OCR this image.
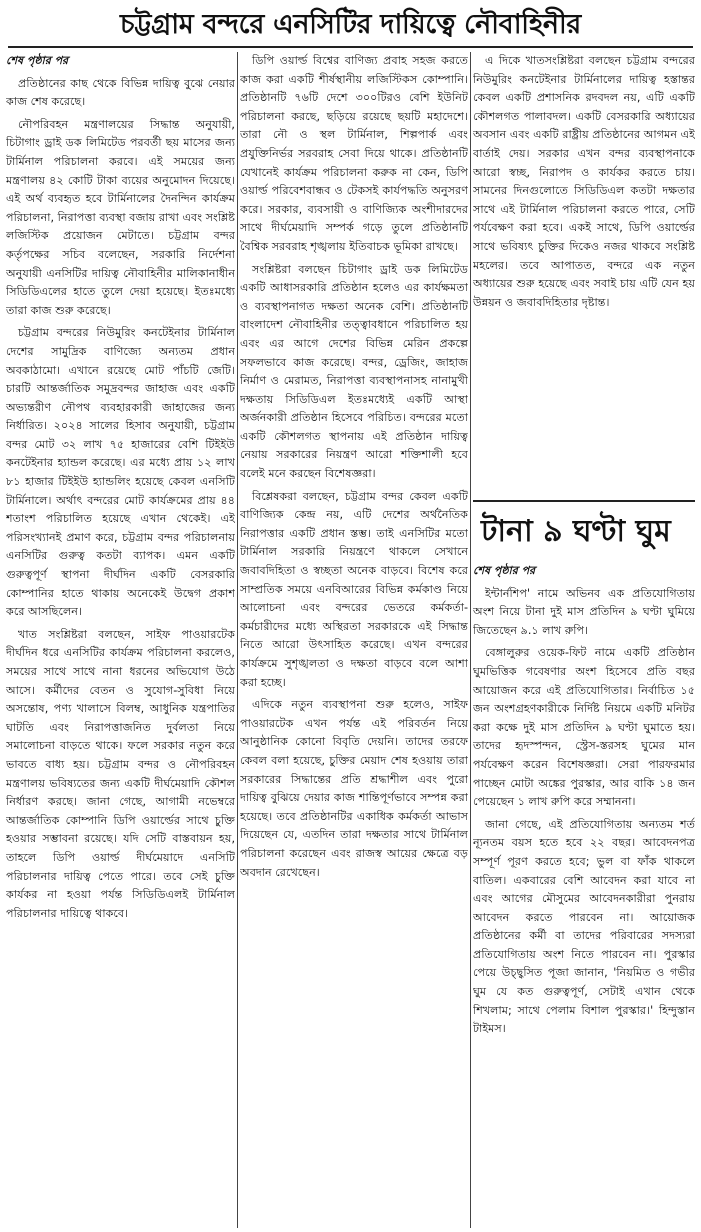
চট্টগ্রাম বন্দরে এনসিটির দায়িত্বে নৌবাহিনীর

শেষ পৃষ্ঠার পর

প্রতিষ্ঠানের কাছ থেকে বিভিন্ন দায়িত্ব বুঝে নেয়ার কাজ শেষ করেছে।

নৌপরিবহন মন্ত্রণালয়ের সিদ্ধান্ত অনুযায়ী, চিটাগাং ড্রাই ডক লিমিটেড পরবর্তী ছয় মাসের জন্য টার্মিনাল পরিচালনা করবে। এই সময়ের জন্য মন্ত্রণালয় ৪২ কোটি টাকা ব্যয়ের অনুমোদন দিয়েছে। এই অর্থ ব্যবহৃত হবে টার্মিনালের দৈনন্দিন কার্যক্রম পরিচালনা, নিরাপত্তা ব্যবস্থা বজায় রাখা এবং সংশ্লিষ্ট লজিস্টিক প্রয়োজন মেটাতে। চট্টগ্রাম বন্দর কর্তৃপক্ষের সচিব বলেছেন, সরকারি নির্দেশনা অনুযায়ী এনসিটির দায়িত্ব নৌবাহিনীর মালিকানাধীন সিডিডিএলের হাতে তুলে দেয়া হয়েছে। ইতঃমধ্যে তারা কাজ শুরু করেছে।

চট্টগ্রাম বন্দরের নিউমুরিং কনটেইনার টার্মিনাল দেশের সামুদ্রিক বাণিজ্যে অন্যতম প্রধান অবকাঠামো। এখানে রয়েছে মোট পাঁচটি জেটি। চারটি আন্তর্জাতিক সমুদ্রবন্দর জাহাজ এবং একটি অভ্যন্তরীণ নৌপথ ব্যবহারকারী জাহাজের জন্য নির্ধারিত। ২০২৪ সালের হিসাব অনুযায়ী, চট্টগ্রাম বন্দর মোট ৩২ লাখ ৭৫ হাজারের বেশি টিইইউ কনটেইনার হ্যান্ডল করেছে। এর মধ্যে প্রায় ১২ লাখ ৮১ হাজার টিইইউ হ্যান্ডলিং হয়েছে কেবল এনসিটি টার্মিনালে। অর্থাৎ বন্দরের মোট কার্যক্রমের প্রায় ৪৪ শতাংশ পরিচালিত হয়েছে এখান থেকেই। এই পরিসংখ্যানই প্রমাণ করে, চট্টগ্রাম বন্দর পরিচালনায় এনসিটির গুরুত্ব কতটা ব্যাপক। এমন একটি গুরুত্বপূর্ণ স্থাপনা দীর্ঘদিন একটি বেসরকারি কোম্পানির হাতে থাকায় অনেকেই উদ্বেগ প্রকাশ করে আসছিলেন।

খাত সংশ্লিষ্টরা বলছেন, সাইফ পাওয়ারটেক দীর্ঘদিন ধরে এনসিটির কার্যক্রম পরিচালনা করলেও, সময়ের সাথে সাথে নানা ধরনের অভিযোগ উঠে আসে। কর্মীদের বেতন ও সুযোগ-সুবিধা নিয়ে অসন্তোষ, পণ্য খালাসে বিলম্ব, আধুনিক যন্ত্রপাতির ঘাটতি এবং নিরাপত্তাজনিত দুর্বলতা নিয়ে সমালোচনা বাড়তে থাকে। ফলে সরকার নতুন করে ভাবতে বাধ্য হয়। চট্টগ্রাম বন্দর ও নৌপরিবহন মন্ত্রণালয় ভবিষ্যতের জন্য একটি দীর্ঘমেয়াদি কৌশল নির্ধারণ করছে। জানা গেছে, আগামী নভেম্বরে আন্তর্জাতিক কোম্পানি ডিপি ওয়ার্ল্ডের সাথে চুক্তি হওয়ার সম্ভাবনা রয়েছে। যদি সেটি বাস্তবায়ন হয়, তাহলে ডিপি ওয়ার্ল্ড দীর্ঘমেয়াদে এনসিটি পরিচালনার দায়িত্ব পেতে পারে। তবে সেই চুক্তি কার্যকর না হওয়া পর্যন্ত সিডিডিএলই টার্মিনাল পরিচালনার দায়িত্বে থাকবে।

ডিপি ওয়ার্ল্ড বিশ্বের বাণিজ্য প্রবাহ সহজ করতে কাজ করা একটি শীর্ষস্থানীয় লজিস্টিকস কোম্পানি। প্রতিষ্ঠানটি ৭৬টি দেশে ৩০০টিরও বেশি ইউনিট পরিচালনা করছে, ছড়িয়ে রয়েছে ছয়টি মহাদেশে। তারা নৌ ও স্থল টার্মিনাল, শিল্পপার্ক এবং প্রযুক্তিনির্ভর সরবরাহ সেবা দিয়ে থাকে। প্রতিষ্ঠানটি যেখানেই কার্যক্রম পরিচালনা করুক না কেন, ডিপি ওয়ার্ল্ড পরিবেশবান্ধব ও টেকসই কার্যপদ্ধতি অনুসরণ করে। সরকার, ব্যবসায়ী ও বাণিজ্যিক অংশীদারদের সাথে দীর্ঘমেয়াদি সম্পর্ক গড়ে তুলে প্রতিষ্ঠানটি বৈশ্বিক সরবরাহ শৃঙ্খলায় ইতিবাচক ভূমিকা রাখছে।

সংশ্লিষ্টরা বলছেন চিটাগাং ড্রাই ডক লিমিটেড একটি আধাসরকারি প্রতিষ্ঠান হলেও এর কার্যক্ষমতা ও ব্যবস্থাপনাগত দক্ষতা অনেক বেশি। প্রতিষ্ঠানটি বাংলাদেশ নৌবাহিনীর তত্ত্বাবধানে পরিচালিত হয় এবং এর আগে দেশের বিভিন্ন মেরিন প্রকল্পে সফলভাবে কাজ করেছে। বন্দর, ড্রেজিং, জাহাজ নির্মাণ ও মেরামত, নিরাপত্তা ব্যবস্থাপনাসহ নানামুখী দক্ষতায় সিডিডিএল ইতঃমধ্যেই একটি আস্থা অর্জনকারী প্রতিষ্ঠান হিসেবে পরিচিত। বন্দরের মতো একটি কৌশলগত স্থাপনায় এই প্রতিষ্ঠান দায়িত্ব নেয়ায় সরকারের নিয়ন্ত্রণ আরো শক্তিশালী হবে বলেই মনে করছেন বিশেষজ্ঞরা।

বিশ্লেষকরা বলছেন, চট্টগ্রাম বন্দর কেবল একটি বাণিজ্যিক কেন্দ্র নয়, এটি দেশের অর্থনৈতিক নিরাপত্তার একটি প্রধান স্তম্ভ। তাই এনসিটির মতো টার্মিনাল সরকারি নিয়ন্ত্রণে থাকলে সেখানে জবাবদিহিতা ও স্বচ্ছতা অনেক বাড়বে। বিশেষ করে সাম্প্রতিক সময়ে এনবিআরের বিভিন্ন কর্মকাণ্ড নিয়ে আলোচনা এবং বন্দরের ভেতরে কর্মকর্তা-কর্মচারীদের মধ্যে অস্থিরতা সরকারকে এই সিদ্ধান্ত নিতে আরো উৎসাহিত করেছে। এখন বন্দরের কার্যক্রমে সুশৃঙ্খলতা ও দক্ষতা বাড়বে বলে আশা করা হচ্ছে।

এদিকে নতুন ব্যবস্থাপনা শুরু হলেও, সাইফ পাওয়ারটেক এখন পর্যন্ত এই পরিবর্তন নিয়ে আনুষ্ঠানিক কোনো বিবৃতি দেয়নি। তাদের তরফে কেবল বলা হয়েছে, চুক্তির মেয়াদ শেষ হওয়ায় তারা সরকারের সিদ্ধান্তের প্রতি শ্রদ্ধাশীল এবং পুরো দায়িত্ব বুঝিয়ে দেয়ার কাজ শান্তিপূর্ণভাবে সম্পন্ন করা হয়েছে। তবে প্রতিষ্ঠানটির একাধিক কর্মকর্তা আভাস দিয়েছেন যে, এতদিন তারা দক্ষতার সাথে টার্মিনাল পরিচালনা করেছেন এবং রাজস্ব আয়ের ক্ষেত্রে বড় অবদান রেখেছেন।

এ দিকে খাতসংশ্লিষ্টরা বলছেন চট্টগ্রাম বন্দরের নিউমুরিং কনটেইনার টার্মিনালের দায়িত্ব হস্তান্তর কেবল একটি প্রশাসনিক রদবদল নয়, এটি একটি কৌশলগত পালাবদল। একটি বেসরকারি অধ্যায়ের অবসান এবং একটি রাষ্ট্রীয় প্রতিষ্ঠানের আগমন এই বার্তাই দেয়। সরকার এখন বন্দর ব্যবস্থাপনাকে আরো স্বচ্ছ, নিরাপদ ও কার্যকর করতে চায়। সামনের দিনগুলোতে সিডিডিএল কতটা দক্ষতার সাথে এই টার্মিনাল পরিচালনা করতে পারে, সেটি পর্যবেক্ষণ করা হবে। একই সাথে, ডিপি ওয়ার্ল্ডের সাথে ভবিষ্যৎ চুক্তির দিকেও নজর থাকবে সংশ্লিষ্ট মহলের। তবে আপাতত, বন্দরে এক নতুন অধ্যায়ের শুরু হয়েছে এবং সবাই চায় এটি যেন হয় উন্নয়ন ও জবাবদিহিতার দৃষ্টান্ত।

টানা ৯ ঘণ্টা ঘুম

শেষ পৃষ্ঠার পর

ইন্টার্নশিপ' নামে অভিনব এক প্রতিযোগিতায় অংশ নিয়ে টানা দুই মাস প্রতিদিন ৯ ঘণ্টা ঘুমিয়ে জিতেছেন ৯.১ লাখ রুপি।

বেঙ্গালুরুর ওয়েক-ফিট নামে একটি প্রতিষ্ঠান ঘুমভিত্তিক গবেষণার অংশ হিসেবে প্রতি বছর আয়োজন করে এই প্রতিযোগিতার। নির্বাচিত ১৫ জন অংশগ্রহণকারীকে নির্দিষ্ট নিয়মে একটি মনিটর করা কক্ষে দুই মাস প্রতিদিন ৯ ঘণ্টা ঘুমাতে হয়। তাদের হৃদস্পন্দন, স্ট্রেস-স্তরসহ ঘুমের মান পর্যবেক্ষণ করেন বিশেষজ্ঞরা। সেরা পারফরমার পাচ্ছেন মোটা অঙ্কের পুরস্কার, আর বাকি ১৪ জন পেয়েছেন ১ লাখ রুপি করে সম্মাননা।

জানা গেছে, এই প্রতিযোগিতায় অন্যতম শর্ত ন্যূনতম বয়স হতে হবে ২২ বছর। আবেদনপত্র সম্পূর্ণ পূরণ করতে হবে; ভুল বা ফাঁক থাকলে বাতিল। একবারের বেশি আবেদন করা যাবে না এবং আগের মৌসুমের আবেদনকারীরা পুনরায় আবেদন করতে পারবেন না। আয়োজক প্রতিষ্ঠানের কর্মী বা তাদের পরিবারের সদস্যরা প্রতিযোগিতায় অংশ নিতে পারবেন না। পুরস্কার পেয়ে উচ্ছ্বসিত পূজা জানান, 'নিয়মিত ও গভীর ঘুম যে কত গুরুত্বপূর্ণ, সেটাই এখান থেকে শিখলাম; সাথে পেলাম বিশাল পুরস্কার।' হিন্দুস্তান টাইমস।
